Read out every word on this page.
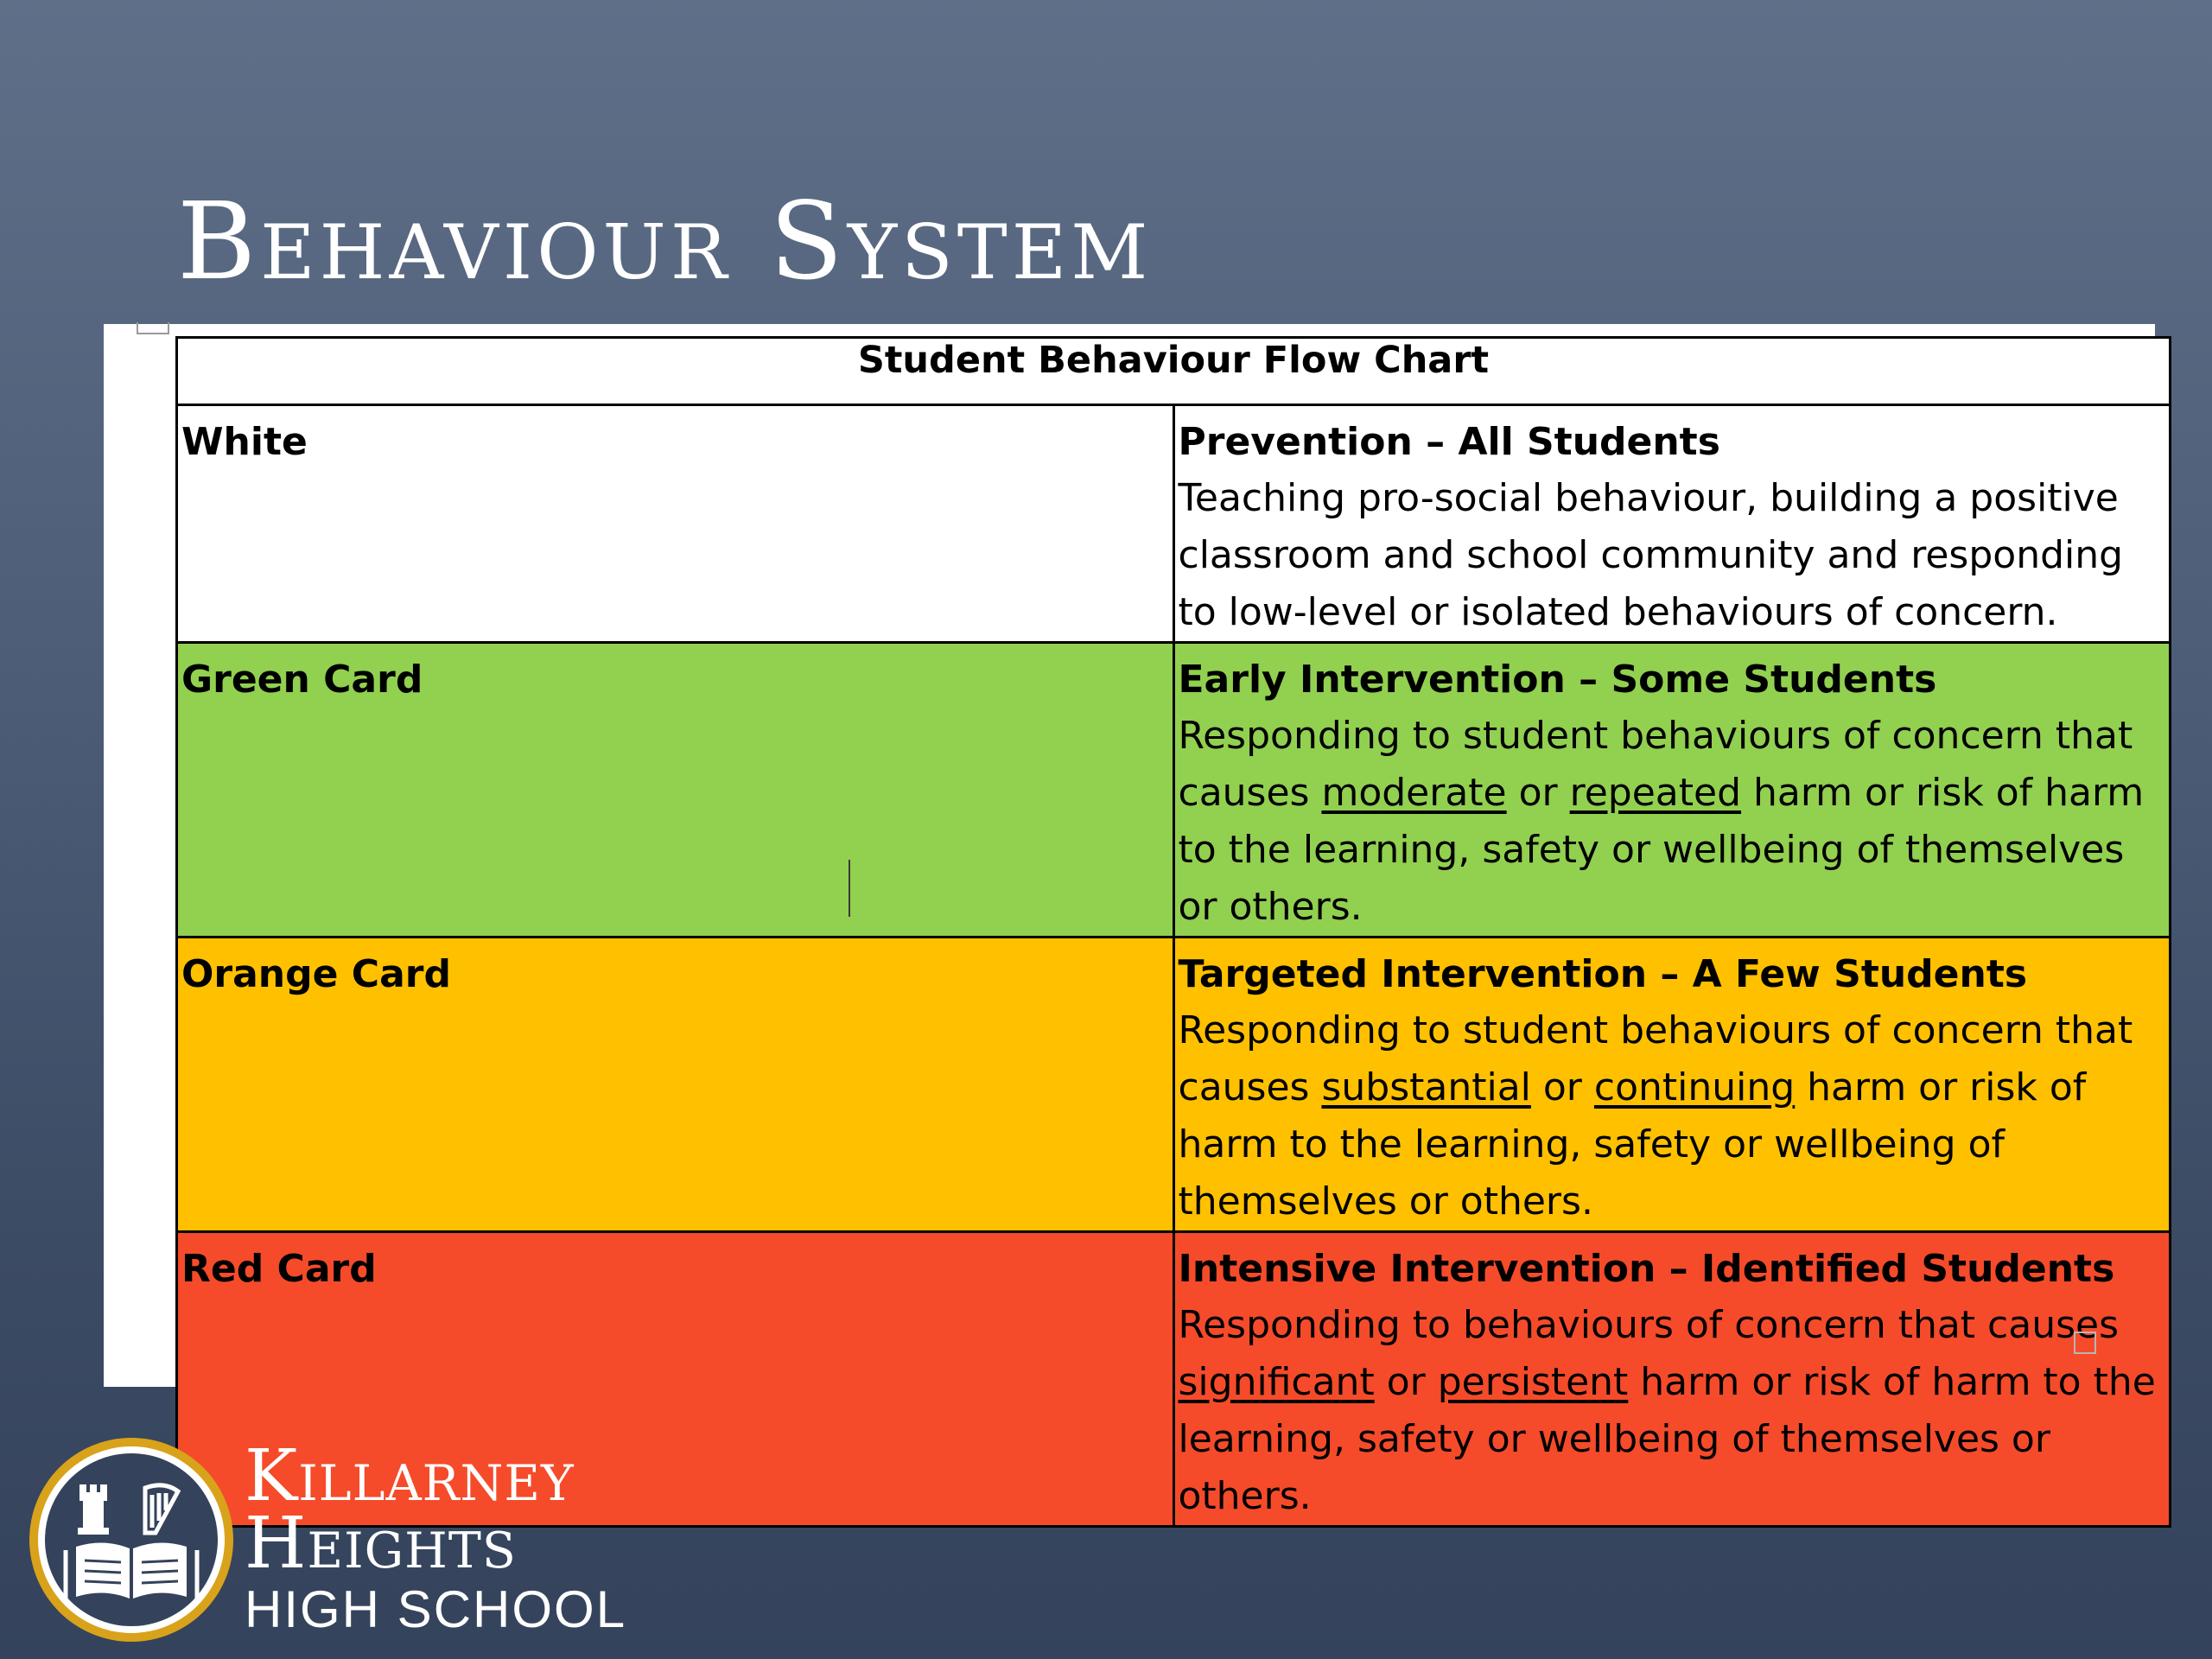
Behaviour System
Student Behaviour Flow Chart	
White	Prevention – All Students
Teaching pro-social behaviour, building a positive classroom and school community and responding to low-level or isolated behaviours of concern.

Green Card	Early Intervention – Some Students
Responding to student behaviours of concern that causes moderate or repeated harm or risk of harm to the learning, safety or wellbeing of themselves or others.

Orange Card	Targeted Intervention – A Few Students
Responding to student behaviours of concern that causes substantial or continuing harm or risk of harm to the learning, safety or wellbeing of themselves or others.

Red Card	Intensive Intervention – Identified Students
Responding to behaviours of concern that causes significant or persistent harm or risk of harm to the learning, safety or wellbeing of themselves or others.
Killarney
Heights
HIGH SCHOOL
